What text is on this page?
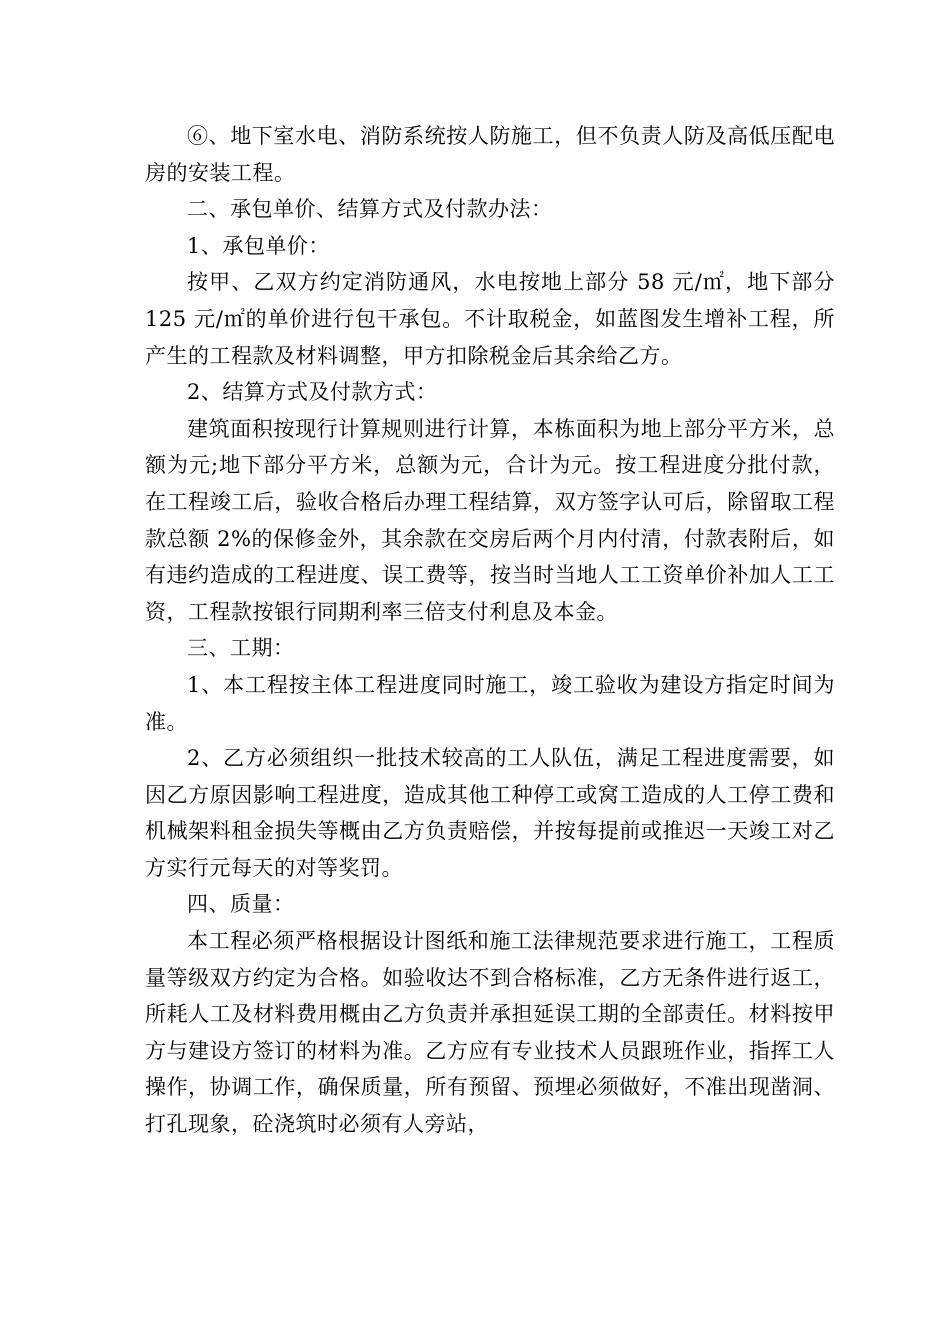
⑥、地下室水电、消防系统按人防施工，但不负责人防及高低压配电房的安装工程。

二、承包单价、结算方式及付款办法：

1、承包单价：

按甲、乙双方约定消防通风，水电按地上部分 58 元/㎡，地下部分 125 元/㎡的单价进行包干承包。不计取税金，如蓝图发生增补工程，所产生的工程款及材料调整，甲方扣除税金后其余给乙方。

2、结算方式及付款方式：

建筑面积按现行计算规则进行计算，本栋面积为地上部分平方米，总额为元;地下部分平方米，总额为元，合计为元。按工程进度分批付款，在工程竣工后，验收合格后办理工程结算，双方签字认可后，除留取工程款总额 2%的保修金外，其余款在交房后两个月内付清，付款表附后，如有违约造成的工程进度、误工费等，按当时当地人工工资单价补加人工工资，工程款按银行同期利率三倍支付利息及本金。

三、工期：

1、本工程按主体工程进度同时施工，竣工验收为建设方指定时间为准。

2、乙方必须组织一批技术较高的工人队伍，满足工程进度需要，如因乙方原因影响工程进度，造成其他工种停工或窝工造成的人工停工费和机械架料租金损失等概由乙方负责赔偿，并按每提前或推迟一天竣工对乙方实行元每天的对等奖罚。

四、质量：

本工程必须严格根据设计图纸和施工法律规范要求进行施工，工程质量等级双方约定为合格。如验收达不到合格标准，乙方无条件进行返工，所耗人工及材料费用概由乙方负责并承担延误工期的全部责任。材料按甲方与建设方签订的材料为准。乙方应有专业技术人员跟班作业，指挥工人操作，协调工作，确保质量，所有预留、预埋必须做好，不准出现凿洞、打孔现象，砼浇筑时必须有人旁站，
